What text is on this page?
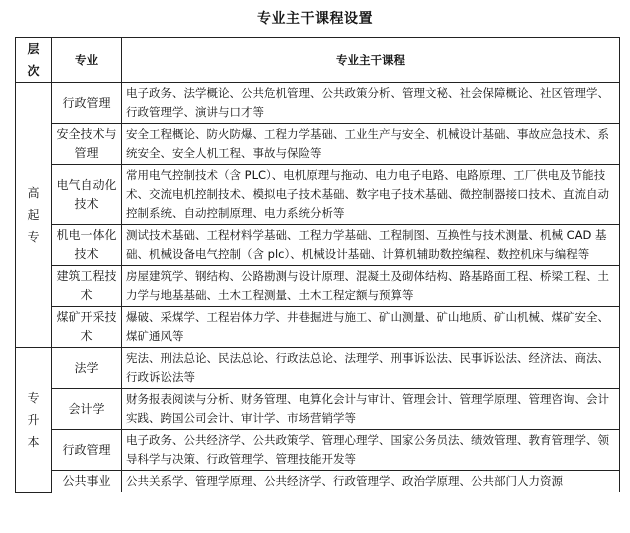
专业主干课程设置
层
次	专业	专业主干课程

高
起
专	行政管理	电子政务、法学概论、公共危机管理、公共政策分析、管理文秘、社会保障概论、社区管理学、行政管理学、演讲与口才等
	安全技术与管理	安全工程概论、防火防爆、工程力学基础、工业生产与安全、机械设计基础、事故应急技术、系统安全、安全人机工程、事故与保险等
	电气自动化技术	常用电气控制技术（含 PLC）、电机原理与拖动、电力电子电路、电路原理、工厂供电及节能技术、交流电机控制技术、模拟电子技术基础、数字电子技术基础、微控制器接口技术、直流自动控制系统、自动控制原理、电力系统分析等
	机电一体化技术	测试技术基础、工程材料学基础、工程力学基础、工程制图、互换性与技术测量、机械 CAD 基础、机械设备电气控制（含 plc）、机械设计基础、计算机辅助数控编程、数控机床与编程等
	建筑工程技术	房屋建筑学、钢结构、公路勘测与设计原理、混凝土及砌体结构、路基路面工程、桥梁工程、土力学与地基基础、土木工程测量、土木工程定额与预算等
	煤矿开采技术	爆破、采煤学、工程岩体力学、井巷掘进与施工、矿山测量、矿山地质、矿山机械、煤矿安全、煤矿通风等

专
升
本	法学	宪法、刑法总论、民法总论、行政法总论、法理学、刑事诉讼法、民事诉讼法、经济法、商法、行政诉讼法等
	会计学	财务报表阅读与分析、财务管理、电算化会计与审计、管理会计、管理学原理、管理咨询、会计实践、跨国公司会计、审计学、市场营销学等
	行政管理	电子政务、公共经济学、公共政策学、管理心理学、国家公务员法、绩效管理、教育管理学、领导科学与决策、行政管理学、管理技能开发等
	公共事业	公共关系学、管理学原理、公共经济学、行政管理学、政治学原理、公共部门人力资源
